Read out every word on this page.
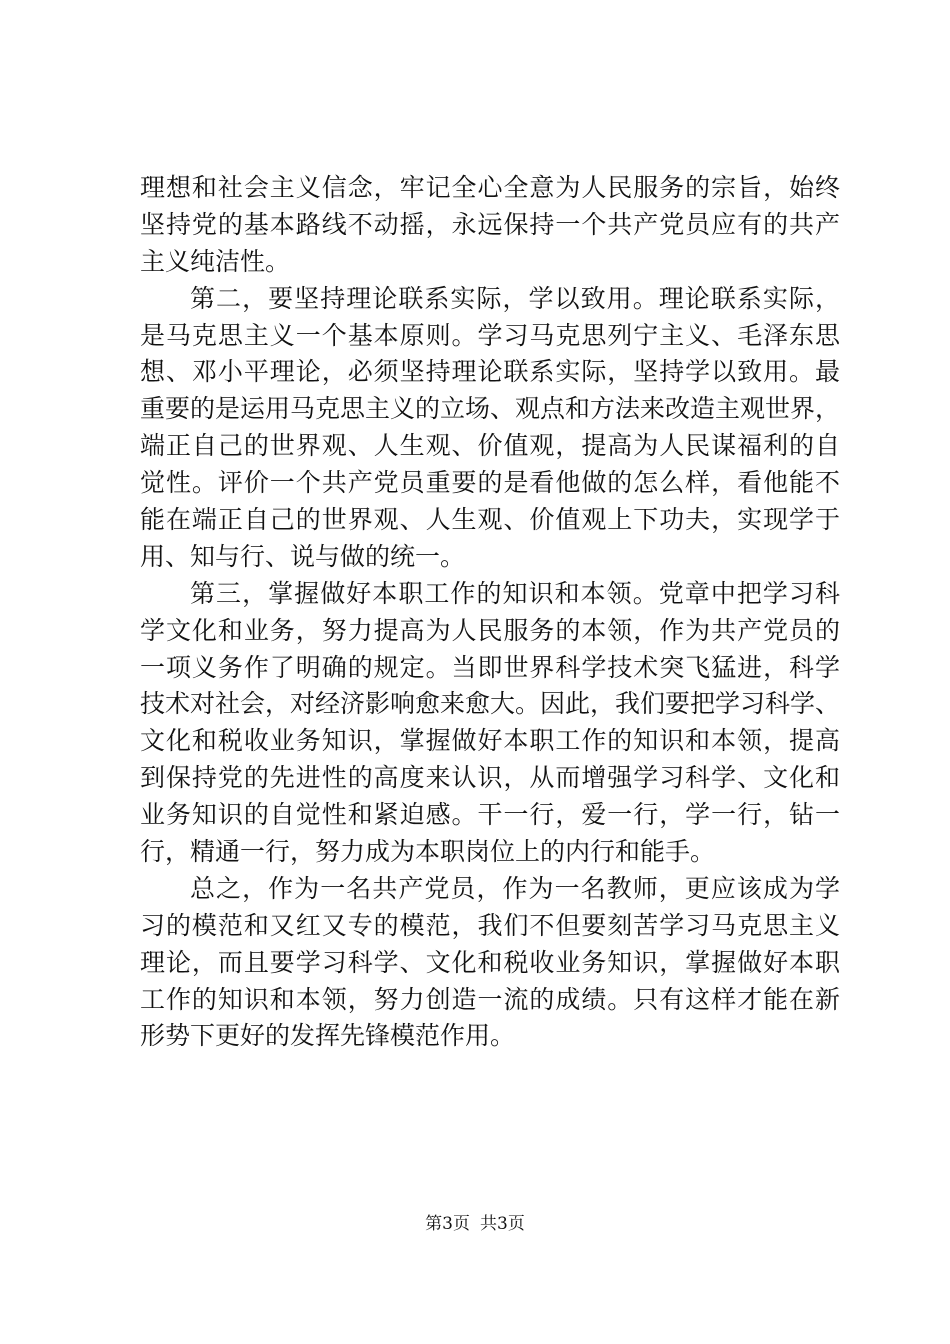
理想和社会主义信念，牢记全心全意为人民服务的宗旨，始终
坚持党的基本路线不动摇，永远保持一个共产党员应有的共产
主义纯洁性。
第二，要坚持理论联系实际，学以致用。理论联系实际，
是马克思主义一个基本原则。学习马克思列宁主义、毛泽东思
想、邓小平理论，必须坚持理论联系实际，坚持学以致用。最
重要的是运用马克思主义的立场、观点和方法来改造主观世界，
端正自己的世界观、人生观、价值观，提高为人民谋福利的自
觉性。评价一个共产党员重要的是看他做的怎么样，看他能不
能在端正自己的世界观、人生观、价值观上下功夫，实现学于
用、知与行、说与做的统一。
第三，掌握做好本职工作的知识和本领。党章中把学习科
学文化和业务，努力提高为人民服务的本领，作为共产党员的
一项义务作了明确的规定。当即世界科学技术突飞猛进，科学
技术对社会，对经济影响愈来愈大。因此，我们要把学习科学、
文化和税收业务知识，掌握做好本职工作的知识和本领，提高
到保持党的先进性的高度来认识，从而增强学习科学、文化和
业务知识的自觉性和紧迫感。干一行，爱一行，学一行，钻一
行，精通一行，努力成为本职岗位上的内行和能手。
总之，作为一名共产党员，作为一名教师，更应该成为学
习的模范和又红又专的模范，我们不但要刻苦学习马克思主义
理论，而且要学习科学、文化和税收业务知识，掌握做好本职
工作的知识和本领，努力创造一流的成绩。只有这样才能在新
形势下更好的发挥先锋模范作用。
第3页 共3页
